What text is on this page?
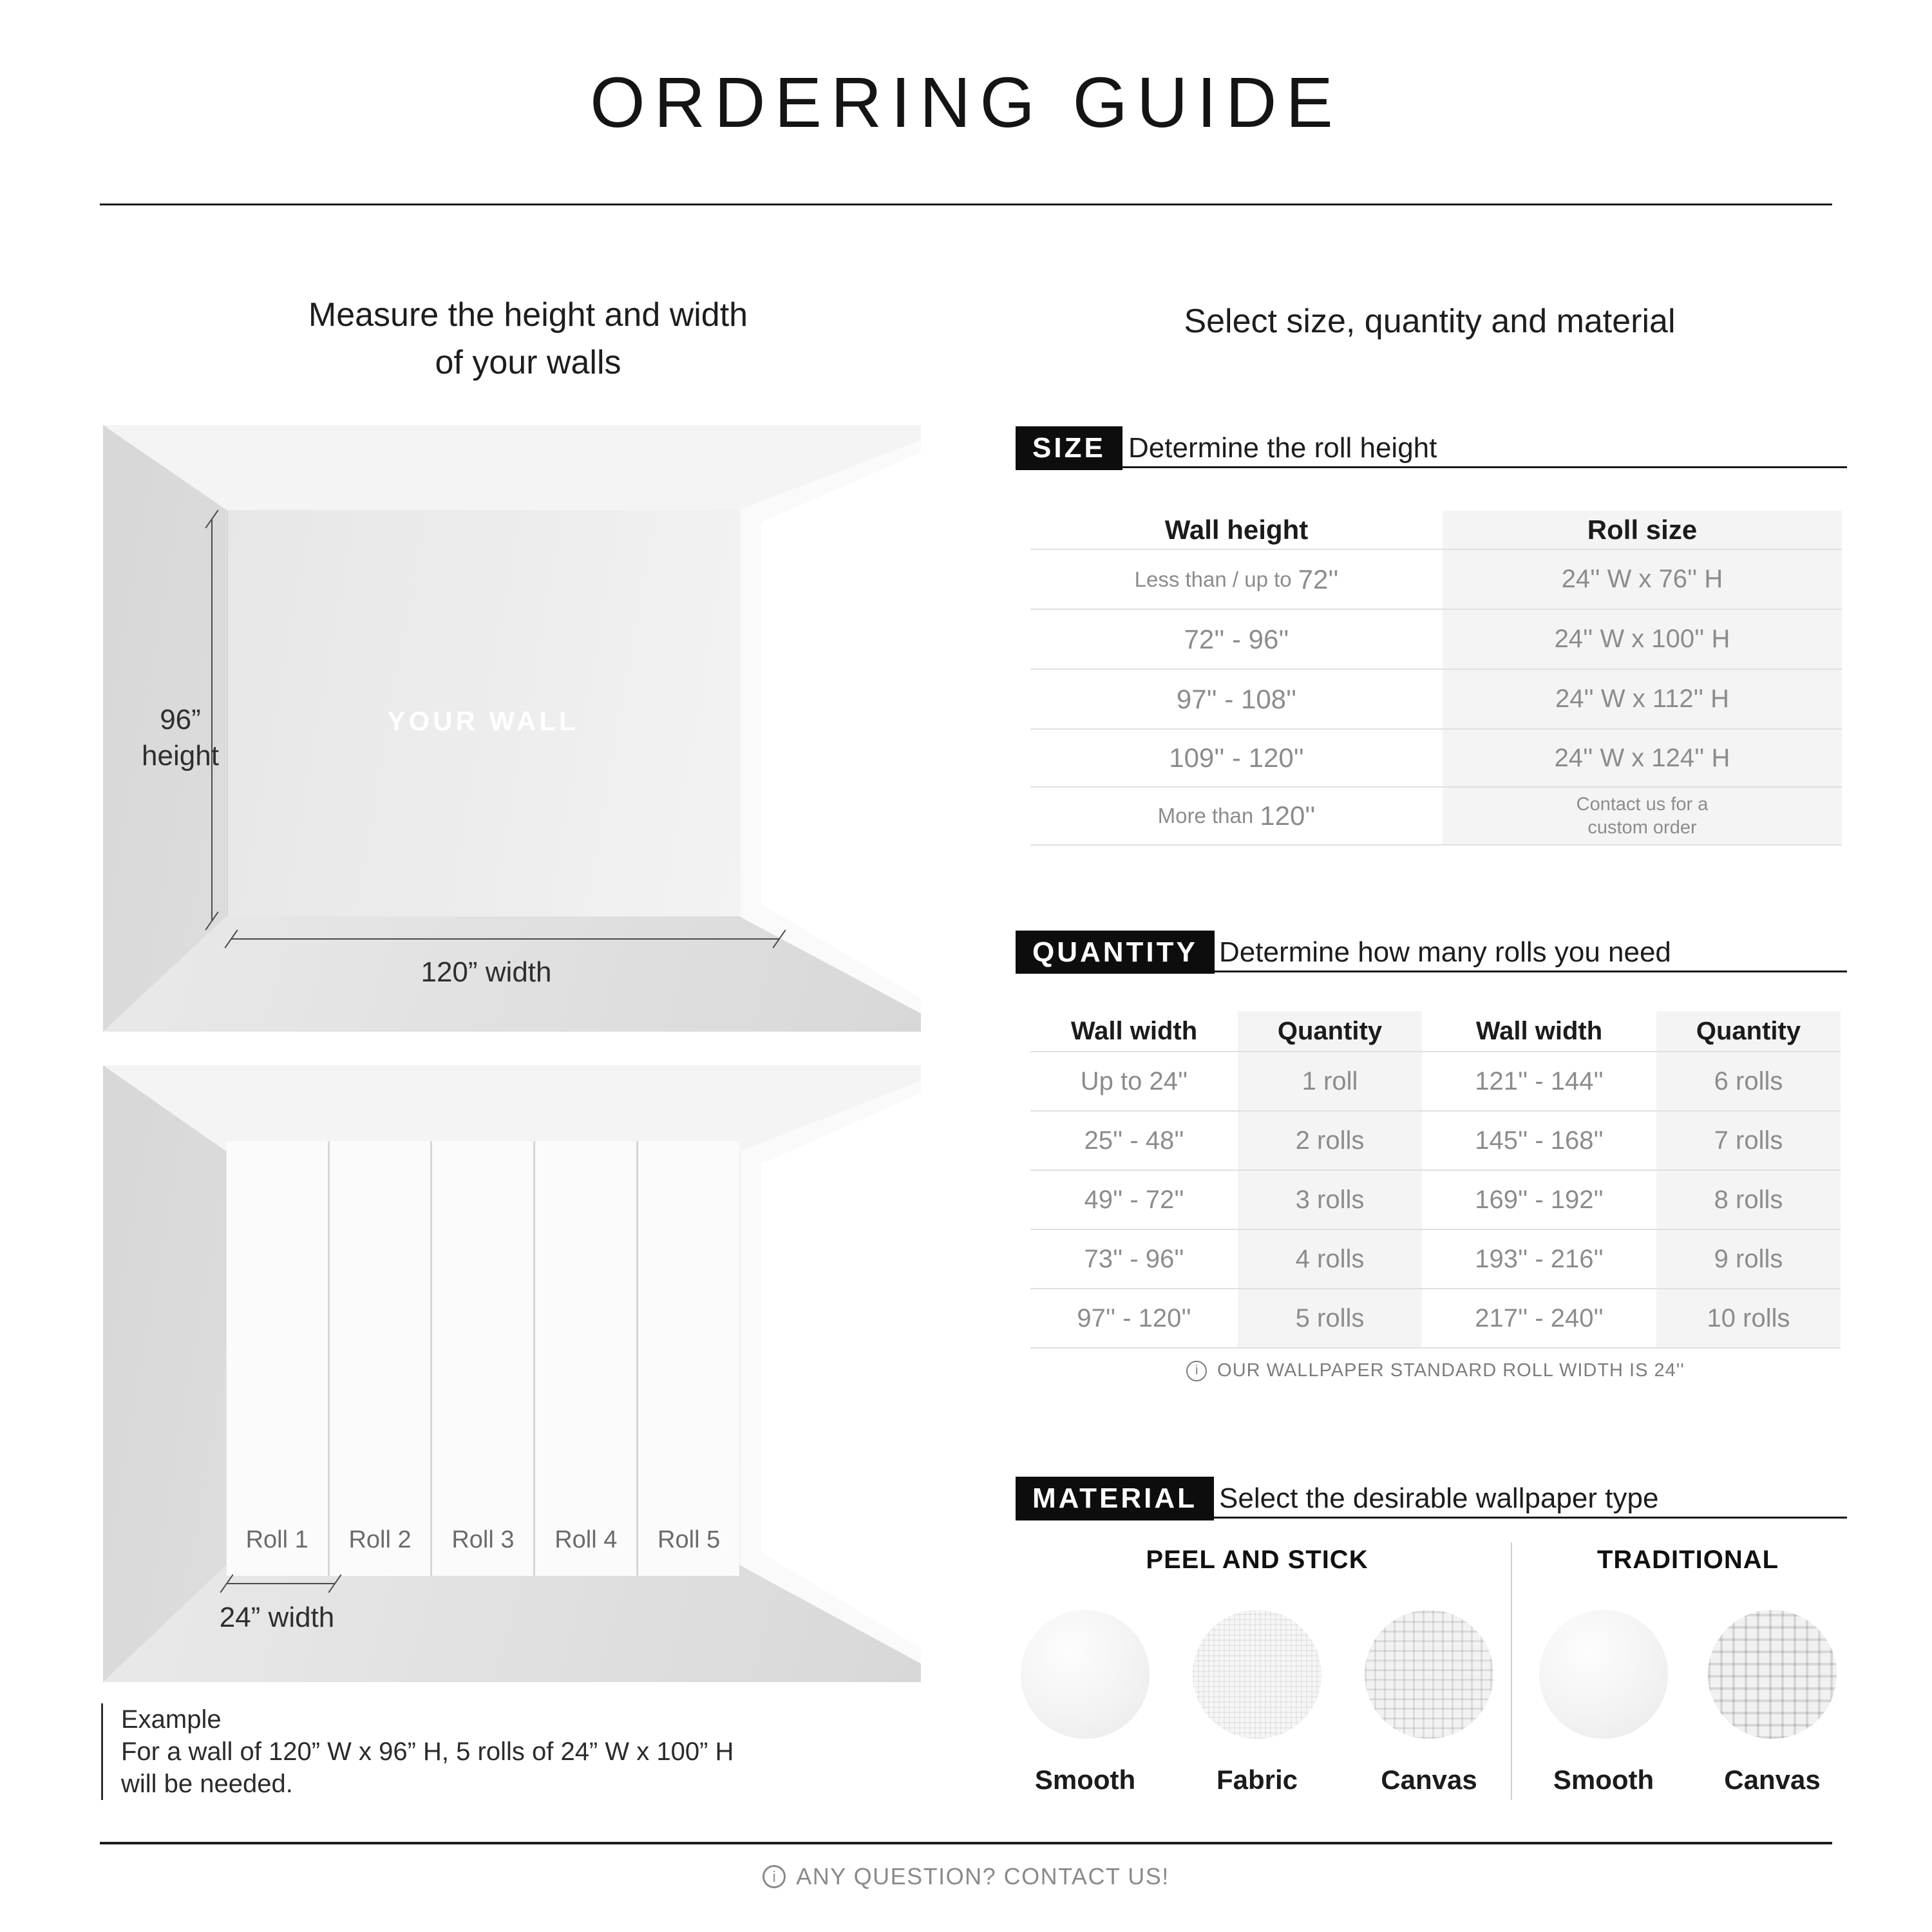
ORDERING GUIDE
Measure the height and width
of your walls
Select size, quantity and material
YOUR WALL
96”
height
120” width
Roll 1	Roll 2	Roll 3	Roll 4	Roll 5
24” width
Example
For a wall of 120” W x 96” H, 5 rolls of 24” W x 100” H
will be needed.
SIZE Determine the roll height
Wall height	Roll size
Less than / up to 72''	24'' W x 76'' H
72'' - 96''	24'' W x 100'' H
97'' - 108''	24'' W x 112'' H
109'' - 120''	24'' W x 124'' H
More than 120''	Contact us for a custom order
QUANTITY Determine how many rolls you need
Wall width	Quantity	Wall width	Quantity
Up to 24''	1 roll	121'' - 144''	6 rolls
25'' - 48''	2 rolls	145'' - 168''	7 rolls
49'' - 72''	3 rolls	169'' - 192''	8 rolls
73'' - 96''	4 rolls	193'' - 216''	9 rolls
97'' - 120''	5 rolls	217'' - 240''	10 rolls
i	OUR WALLPAPER STANDARD ROLL WIDTH IS 24''
MATERIAL Select the desirable wallpaper type
PEEL AND STICK
Smooth	Fabric	Canvas
TRADITIONAL
Smooth	Canvas
i ANY QUESTION? CONTACT US!
